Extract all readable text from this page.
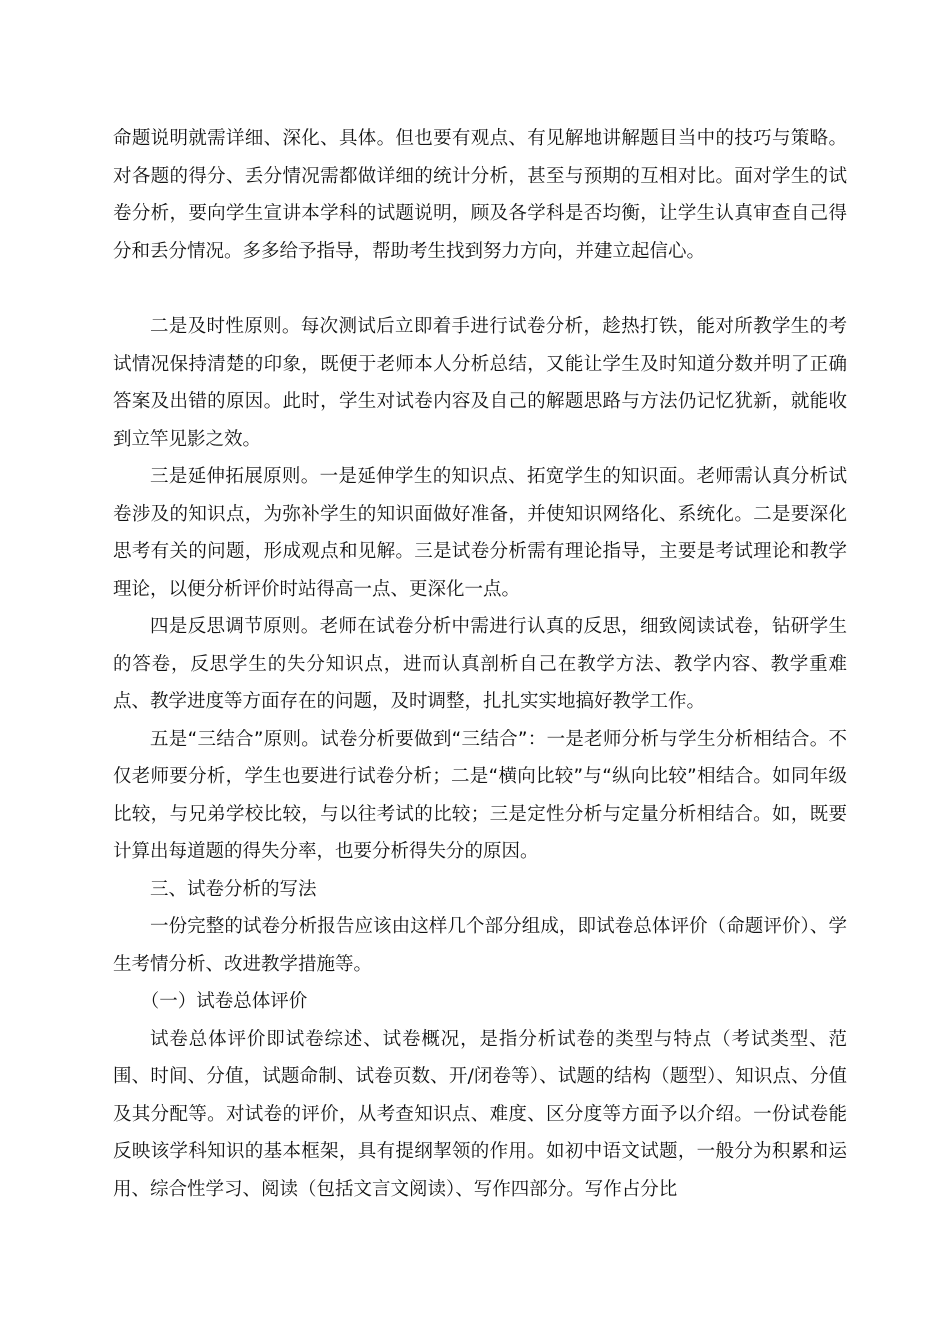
命题说明就需详细、深化、具体。但也要有观点、有见解地讲解题目当中的技巧与策略。对各题的得分、丢分情况需都做详细的统计分析，甚至与预期的互相对比。面对学生的试卷分析，要向学生宣讲本学科的试题说明，顾及各学科是否均衡，让学生认真审查自己得分和丢分情况。多多给予指导，帮助考生找到努力方向，并建立起信心。

二是及时性原则。每次测试后立即着手进行试卷分析，趁热打铁，能对所教学生的考试情况保持清楚的印象，既便于老师本人分析总结，又能让学生及时知道分数并明了正确答案及出错的原因。此时，学生对试卷内容及自己的解题思路与方法仍记忆犹新，就能收到立竿见影之效。

三是延伸拓展原则。一是延伸学生的知识点、拓宽学生的知识面。老师需认真分析试卷涉及的知识点，为弥补学生的知识面做好准备，并使知识网络化、系统化。二是要深化思考有关的问题，形成观点和见解。三是试卷分析需有理论指导，主要是考试理论和教学理论，以便分析评价时站得高一点、更深化一点。

四是反思调节原则。老师在试卷分析中需进行认真的反思，细致阅读试卷，钻研学生的答卷，反思学生的失分知识点，进而认真剖析自己在教学方法、教学内容、教学重难点、教学进度等方面存在的问题，及时调整，扎扎实实地搞好教学工作。

五是“三结合”原则。试卷分析要做到“三结合”：一是老师分析与学生分析相结合。不仅老师要分析，学生也要进行试卷分析；二是“横向比较”与“纵向比较”相结合。如同年级比较，与兄弟学校比较，与以往考试的比较；三是定性分析与定量分析相结合。如，既要计算出每道题的得失分率，也要分析得失分的原因。

三、试卷分析的写法

一份完整的试卷分析报告应该由这样几个部分组成，即试卷总体评价（命题评价）、学生考情分析、改进教学措施等。

（一）试卷总体评价

试卷总体评价即试卷综述、试卷概况，是指分析试卷的类型与特点（考试类型、范围、时间、分值，试题命制、试卷页数、开/闭卷等）、试题的结构（题型）、知识点、分值及其分配等。对试卷的评价，从考查知识点、难度、区分度等方面予以介绍。一份试卷能反映该学科知识的基本框架，具有提纲挈领的作用。如初中语文试题，一般分为积累和运用、综合性学习、阅读（包括文言文阅读）、写作四部分。写作占分比
